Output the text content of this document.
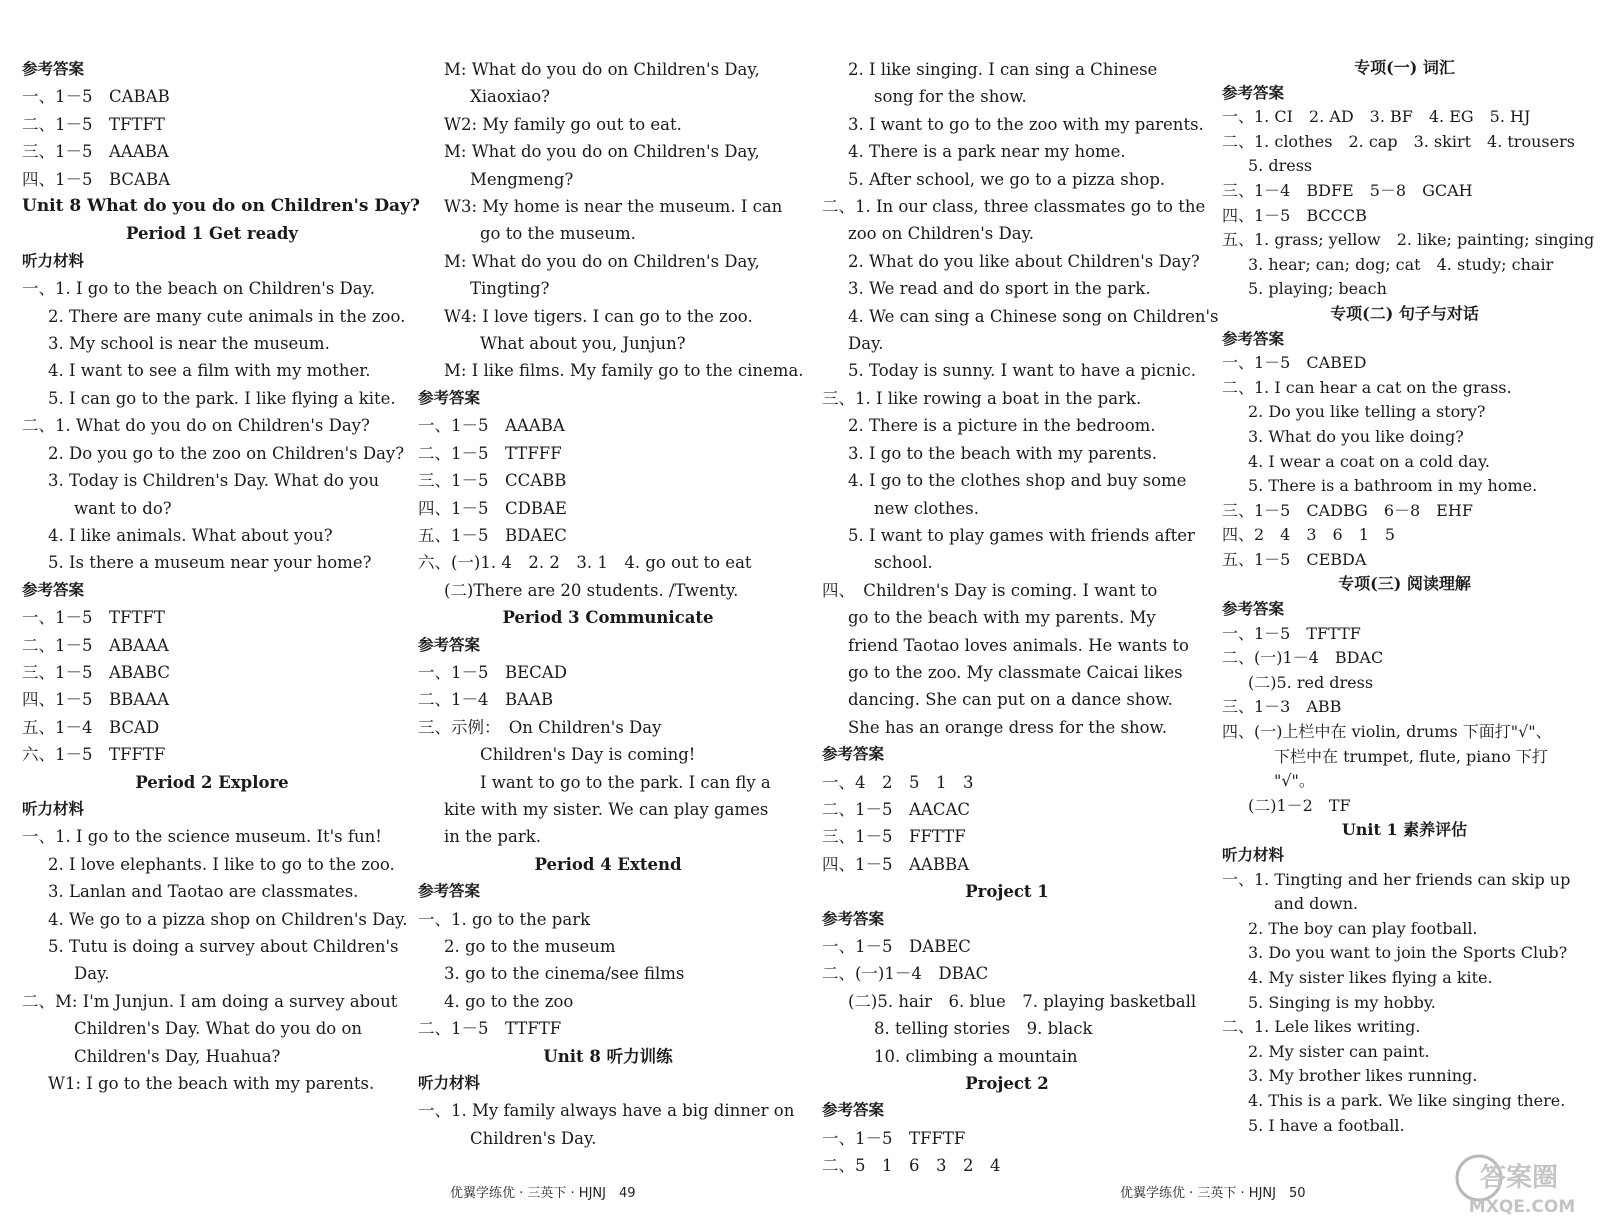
参考答案
一、1－5　CABAB
二、1－5　TFTFT
三、1－5　AAABA
四、1－5　BCABA
Unit 8 What do you do on Children's Day?
Period 1 Get ready
听力材料
一、1. I go to the beach on Children's Day.
2. There are many cute animals in the zoo.
3. My school is near the museum.
4. I want to see a film with my mother.
5. I can go to the park. I like flying a kite.
二、1. What do you do on Children's Day?
2. Do you go to the zoo on Children's Day?
3. Today is Children's Day. What do you
want to do?
4. I like animals. What about you?
5. Is there a museum near your home?
参考答案
一、1－5　TFTFT
二、1－5　ABAAA
三、1－5　ABABC
四、1－5　BBAAA
五、1－4　BCAD
六、1－5　TFFTF
Period 2 Explore
听力材料
一、1. I go to the science museum. It's fun!
2. I love elephants. I like to go to the zoo.
3. Lanlan and Taotao are classmates.
4. We go to a pizza shop on Children's Day.
5. Tutu is doing a survey about Children's
Day.
二、M: I'm Junjun. I am doing a survey about
Children's Day. What do you do on
Children's Day, Huahua?
W1: I go to the beach with my parents.
M: What do you do on Children's Day,
Xiaoxiao?
W2: My family go out to eat.
M: What do you do on Children's Day,
Mengmeng?
W3: My home is near the museum. I can
go to the museum.
M: What do you do on Children's Day,
Tingting?
W4: I love tigers. I can go to the zoo.
What about you, Junjun?
M: I like films. My family go to the cinema.
参考答案
一、1－5　AAABA
二、1－5　TTFFF
三、1－5　CCABB
四、1－5　CDBAE
五、1－5　BDAEC
六、(一)1. 4　2. 2　3. 1　4. go out to eat
(二)There are 20 students. /Twenty.
Period 3 Communicate
参考答案
一、1－5　BECAD
二、1－4　BAAB
三、示例：　On Children's Day
Children's Day is coming!
I want to go to the park. I can fly a
kite with my sister. We can play games
in the park.
Period 4 Extend
参考答案
一、1. go to the park
2. go to the museum
3. go to the cinema/see films
4. go to the zoo
二、1－5　TTFTF
Unit 8 听力训练
听力材料
一、1. My family always have a big dinner on
Children's Day.
2. I like singing. I can sing a Chinese
song for the show.
3. I want to go to the zoo with my parents.
4. There is a park near my home.
5. After school, we go to a pizza shop.
二、1. In our class, three classmates go to the
zoo on Children's Day.
2. What do you like about Children's Day?
3. We read and do sport in the park.
4. We can sing a Chinese song on Children's
Day.
5. Today is sunny. I want to have a picnic.
三、1. I like rowing a boat in the park.
2. There is a picture in the bedroom.
3. I go to the beach with my parents.
4. I go to the clothes shop and buy some
new clothes.
5. I want to play games with friends after
school.
四、　Children's Day is coming. I want to
go to the beach with my parents. My
friend Taotao loves animals. He wants to
go to the zoo. My classmate Caicai likes
dancing. She can put on a dance show.
She has an orange dress for the show.
参考答案
一、4　2　5　1　3
二、1－5　AACAC
三、1－5　FFTTF
四、1－5　AABBA
Project 1
参考答案
一、1－5　DABEC
二、(一)1－4　DBAC
(二)5. hair　6. blue　7. playing basketball
8. telling stories　9. black
10. climbing a mountain
Project 2
参考答案
一、1－5　TFFTF
二、5　1　6　3　2　4
专项(一) 词汇
参考答案
一、1. CI　2. AD　3. BF　4. EG　5. HJ
二、1. clothes　2. cap　3. skirt　4. trousers
5. dress
三、1－4　BDFE　5－8　GCAH
四、1－5　BCCCB
五、1. grass; yellow　2. like; painting; singing
3. hear; can; dog; cat　4. study; chair
5. playing; beach
专项(二) 句子与对话
参考答案
一、1－5　CABED
二、1. I can hear a cat on the grass.
2. Do you like telling a story?
3. What do you like doing?
4. I wear a coat on a cold day.
5. There is a bathroom in my home.
三、1－5　CADBG　6－8　EHF
四、2　4　3　6　1　5
五、1－5　CEBDA
专项(三) 阅读理解
参考答案
一、1－5　TFTTF
二、(一)1－4　BDAC
(二)5. red dress
三、1－3　ABB
四、(一)上栏中在 violin, drums 下面打"√"、
下栏中在 trumpet, flute, piano 下打
"√"。
(二)1－2　TF
Unit 1 素养评估
听力材料
一、1. Tingting and her friends can skip up
and down.
2. The boy can play football.
3. Do you want to join the Sports Club?
4. My sister likes flying a kite.
5. Singing is my hobby.
二、1. Lele likes writing.
2. My sister can paint.
3. My brother likes running.
4. This is a park. We like singing there.
5. I have a football.
优翼学练优 · 三英下 · HJNJ　49	优翼学练优 · 三英下 · HJNJ　50
答案圈
MXQE.COM
